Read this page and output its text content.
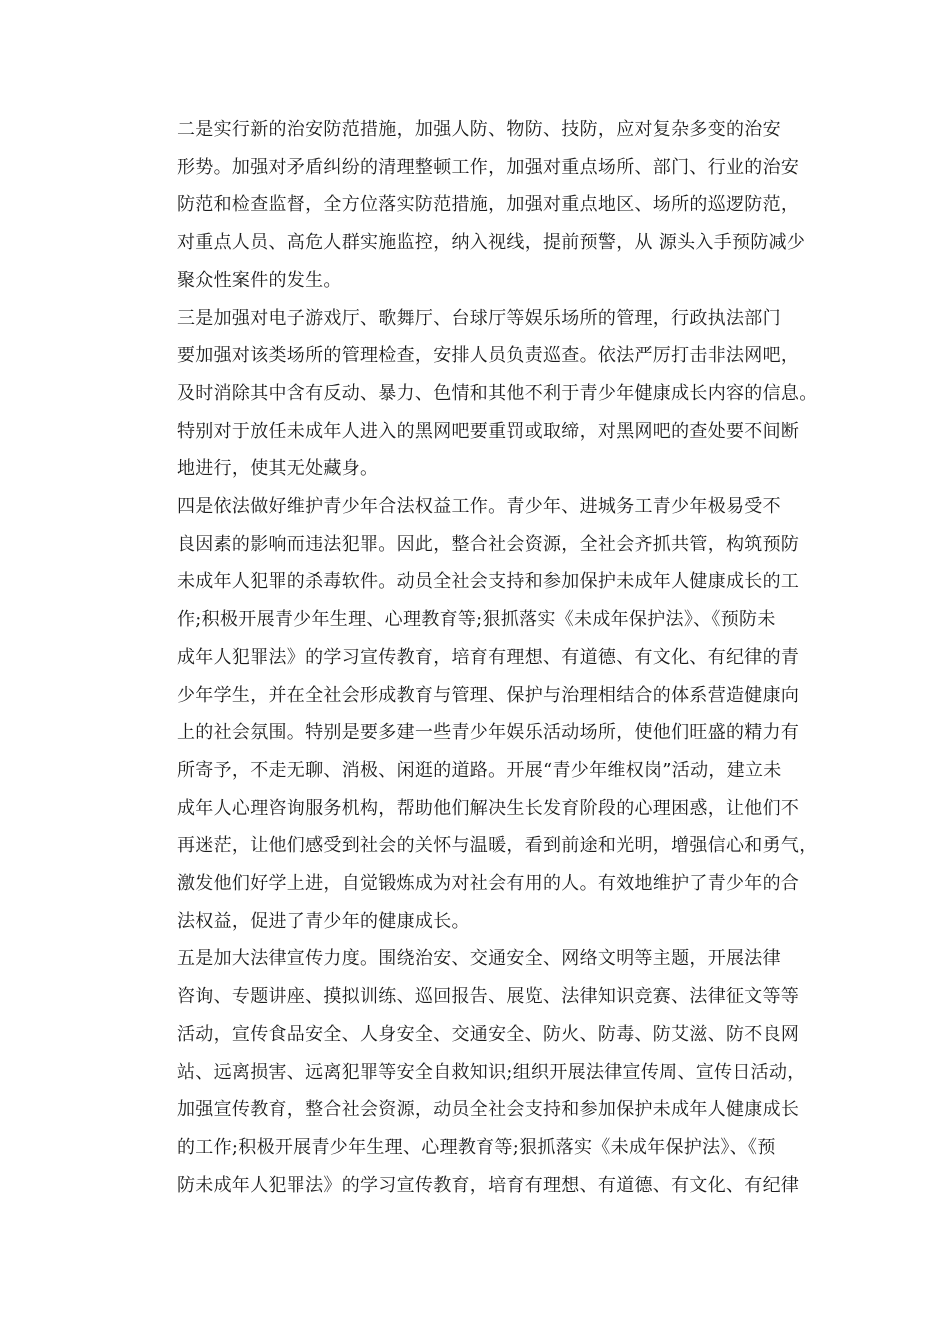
二是实行新的治安防范措施，加强人防、物防、技防，应对复杂多变的治安
形势。加强对矛盾纠纷的清理整顿工作，加强对重点场所、部门、行业的治安
防范和检查监督，全方位落实防范措施，加强对重点地区、场所的巡逻防范，
对重点人员、高危人群实施监控，纳入视线，提前预警，从 源头入手预防减少
聚众性案件的发生。

三是加强对电子游戏厅、歌舞厅、台球厅等娱乐场所的管理，行政执法部门
要加强对该类场所的管理检查，安排人员负责巡查。依法严厉打击非法网吧，
及时消除其中含有反动、暴力、色情和其他不利于青少年健康成长内容的信息。
特别对于放任未成年人进入的黑网吧要重罚或取缔，对黑网吧的查处要不间断
地进行，使其无处藏身。

四是依法做好维护青少年合法权益工作。青少年、进城务工青少年极易受不
良因素的影响而违法犯罪。因此，整合社会资源，全社会齐抓共管，构筑预防
未成年人犯罪的杀毒软件。动员全社会支持和参加保护未成年人健康成长的工
作;积极开展青少年生理、心理教育等;狠抓落实《未成年保护法》、《预防未
成年人犯罪法》的学习宣传教育，培育有理想、有道德、有文化、有纪律的青
少年学生，并在全社会形成教育与管理、保护与治理相结合的体系营造健康向
上的社会氛围。特别是要多建一些青少年娱乐活动场所，使他们旺盛的精力有
所寄予，不走无聊、消极、闲逛的道路。开展“青少年维权岗”活动，建立未
成年人心理咨询服务机构，帮助他们解决生长发育阶段的心理困惑，让他们不
再迷茫，让他们感受到社会的关怀与温暖，看到前途和光明，增强信心和勇气，
激发他们好学上进，自觉锻炼成为对社会有用的人。有效地维护了青少年的合
法权益，促进了青少年的健康成长。

五是加大法律宣传力度。围绕治安、交通安全、网络文明等主题，开展法律
咨询、专题讲座、摸拟训练、巡回报告、展览、法律知识竞赛、法律征文等等
活动，宣传食品安全、人身安全、交通安全、防火、防毒、防艾滋、防不良网
站、远离损害、远离犯罪等安全自救知识;组织开展法律宣传周、宣传日活动，
加强宣传教育，整合社会资源，动员全社会支持和参加保护未成年人健康成长
的工作;积极开展青少年生理、心理教育等;狠抓落实《未成年保护法》、《预
防未成年人犯罪法》的学习宣传教育，培育有理想、有道德、有文化、有纪律
